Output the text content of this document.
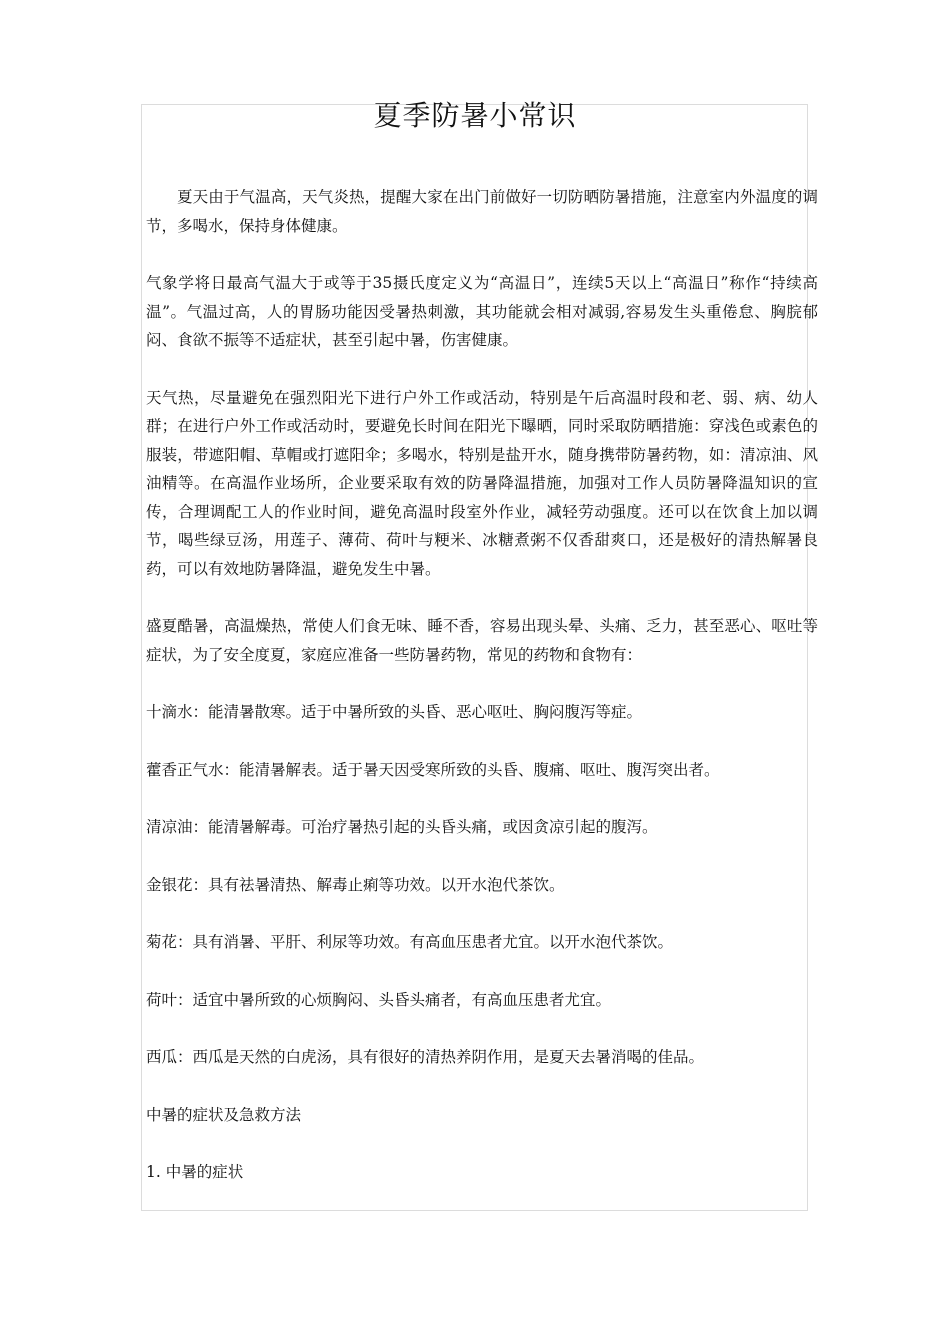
夏季防暑小常识

夏天由于气温高，天气炎热，提醒大家在出门前做好一切防晒防暑措施，注意室内外温度的调节，多喝水，保持身体健康。

气象学将日最高气温大于或等于35摄氏度定义为“高温日”，连续5天以上“高温日”称作“持续高温”。气温过高，人的胃肠功能因受暑热刺激，其功能就会相对减弱,容易发生头重倦怠、胸脘郁闷、食欲不振等不适症状，甚至引起中暑，伤害健康。

天气热，尽量避免在强烈阳光下进行户外工作或活动，特别是午后高温时段和老、弱、病、幼人群；在进行户外工作或活动时，要避免长时间在阳光下曝晒，同时采取防晒措施：穿浅色或素色的服装，带遮阳帽、草帽或打遮阳伞；多喝水，特别是盐开水，随身携带防暑药物，如：清凉油、风油精等。在高温作业场所，企业要采取有效的防暑降温措施，加强对工作人员防暑降温知识的宣传，合理调配工人的作业时间，避免高温时段室外作业，减轻劳动强度。还可以在饮食上加以调节，喝些绿豆汤，用莲子、薄荷、荷叶与粳米、冰糖煮粥不仅香甜爽口，还是极好的清热解暑良药，可以有效地防暑降温，避免发生中暑。

盛夏酷暑，高温燥热，常使人们食无味、睡不香，容易出现头晕、头痛、乏力，甚至恶心、呕吐等症状，为了安全度夏，家庭应准备一些防暑药物，常见的药物和食物有：

十滴水：能清暑散寒。适于中暑所致的头昏、恶心呕吐、胸闷腹泻等症。

藿香正气水：能清暑解表。适于暑天因受寒所致的头昏、腹痛、呕吐、腹泻突出者。

清凉油：能清暑解毒。可治疗暑热引起的头昏头痛，或因贪凉引起的腹泻。

金银花：具有祛暑清热、解毒止痢等功效。以开水泡代茶饮。

菊花：具有消暑、平肝、利尿等功效。有高血压患者尤宜。以开水泡代茶饮。

荷叶：适宜中暑所致的心烦胸闷、头昏头痛者，有高血压患者尤宜。

西瓜：西瓜是天然的白虎汤，具有很好的清热养阴作用，是夏天去暑消喝的佳品。

中暑的症状及急救方法

1. 中暑的症状
